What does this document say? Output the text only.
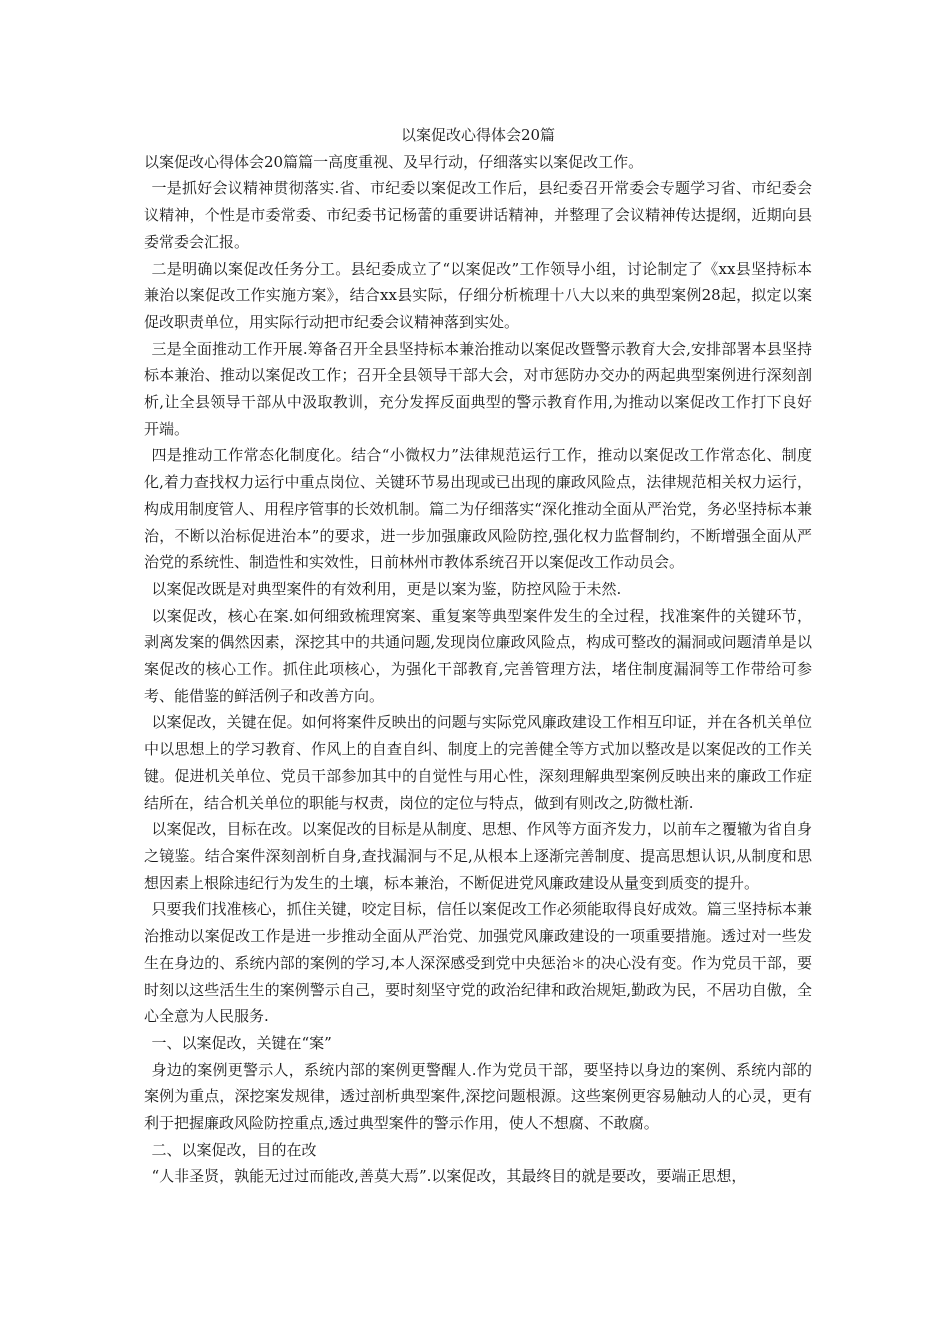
以案促改心得体会20篇

以案促改心得体会20篇篇一高度重视、及早行动，仔细落实以案促改工作。

一是抓好会议精神贯彻落实.省、市纪委以案促改工作后，县纪委召开常委会专题学习省、市纪委会议精神，个性是市委常委、市纪委书记杨蕾的重要讲话精神，并整理了会议精神传达提纲，近期向县委常委会汇报。

二是明确以案促改任务分工。县纪委成立了“以案促改”工作领导小组，讨论制定了《xx县坚持标本兼治以案促改工作实施方案》，结合xx县实际，仔细分析梳理十八大以来的典型案例28起，拟定以案促改职责单位，用实际行动把市纪委会议精神落到实处。

三是全面推动工作开展.筹备召开全县坚持标本兼治推动以案促改暨警示教育大会,安排部署本县坚持标本兼治、推动以案促改工作；召开全县领导干部大会，对市惩防办交办的两起典型案例进行深刻剖析,让全县领导干部从中汲取教训，充分发挥反面典型的警示教育作用,为推动以案促改工作打下良好开端。

四是推动工作常态化制度化。结合“小微权力”法律规范运行工作，推动以案促改工作常态化、制度化,着力查找权力运行中重点岗位、关键环节易出现或已出现的廉政风险点，法律规范相关权力运行，构成用制度管人、用程序管事的长效机制。篇二为仔细落实“深化推动全面从严治党，务必坚持标本兼治，不断以治标促进治本”的要求，进一步加强廉政风险防控,强化权力监督制约，不断增强全面从严治党的系统性、制造性和实效性，日前林州市教体系统召开以案促改工作动员会。

以案促改既是对典型案件的有效利用，更是以案为鉴，防控风险于未然.

以案促改，核心在案.如何细致梳理窝案、重复案等典型案件发生的全过程，找准案件的关键环节，剥离发案的偶然因素，深挖其中的共通问题,发现岗位廉政风险点，构成可整改的漏洞或问题清单是以案促改的核心工作。抓住此项核心，为强化干部教育,完善管理方法，堵住制度漏洞等工作带给可参考、能借鉴的鲜活例子和改善方向。

以案促改，关键在促。如何将案件反映出的问题与实际党风廉政建设工作相互印证，并在各机关单位中以思想上的学习教育、作风上的自查自纠、制度上的完善健全等方式加以整改是以案促改的工作关键。促进机关单位、党员干部参加其中的自觉性与用心性，深刻理解典型案例反映出来的廉政工作症结所在，结合机关单位的职能与权责，岗位的定位与特点，做到有则改之,防微杜渐.

以案促改，目标在改。以案促改的目标是从制度、思想、作风等方面齐发力，以前车之覆辙为省自身之镜鉴。结合案件深刻剖析自身,查找漏洞与不足,从根本上逐渐完善制度、提高思想认识,从制度和思想因素上根除违纪行为发生的土壤，标本兼治，不断促进党风廉政建设从量变到质变的提升。

只要我们找准核心，抓住关键，咬定目标，信任以案促改工作必须能取得良好成效。篇三坚持标本兼治推动以案促改工作是进一步推动全面从严治党、加强党风廉政建设的一项重要措施。透过对一些发生在身边的、系统内部的案例的学习,本人深深感受到党中央惩治＊的决心没有变。作为党员干部，要时刻以这些活生生的案例警示自己，要时刻坚守党的政治纪律和政治规矩,勤政为民，不居功自傲，全心全意为人民服务.

一、以案促改，关键在“案”

身边的案例更警示人，系统内部的案例更警醒人.作为党员干部，要坚持以身边的案例、系统内部的案例为重点，深挖案发规律，透过剖析典型案件,深挖问题根源。这些案例更容易触动人的心灵，更有利于把握廉政风险防控重点,透过典型案件的警示作用，使人不想腐、不敢腐。

二、以案促改，目的在改

“人非圣贤，孰能无过过而能改,善莫大焉”.以案促改，其最终目的就是要改，要端正思想，
